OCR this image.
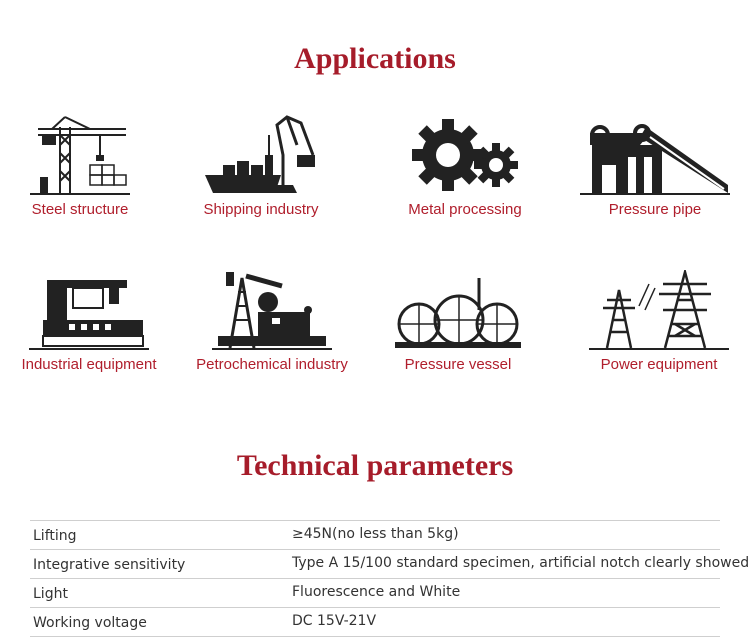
Applications
Steel structure	Shipping industry	Metal processing	Pressure pipe
Industrial equipment	Petrochemical industry	Pressure vessel	Power equipment
Technical parameters
Lifting	≥45N(no less than 5kg)
Integrative sensitivity	Type A 15/100 standard specimen, artificial notch clearly showed
Light	Fluorescence and White
Working voltage	DC 15V-21V
